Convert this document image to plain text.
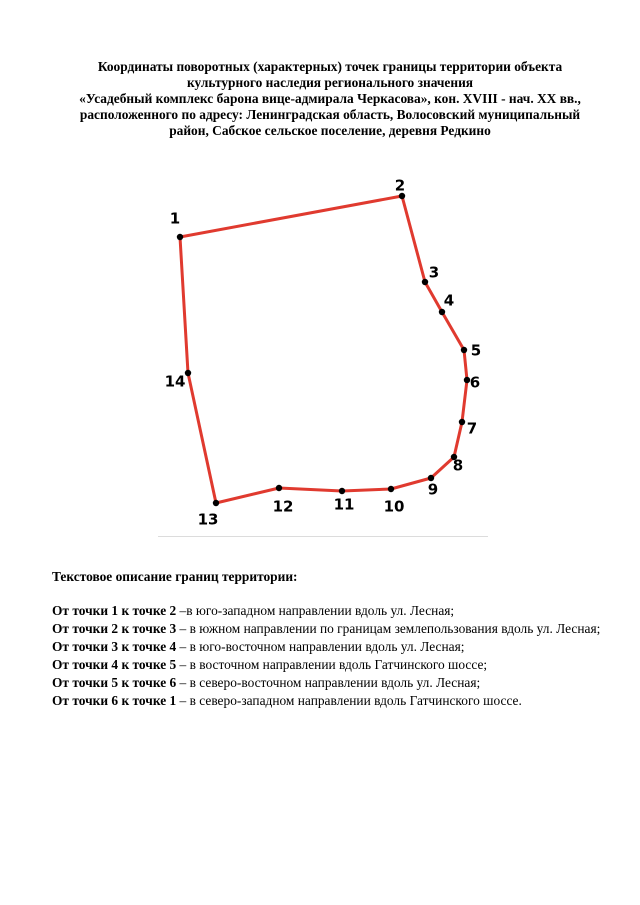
Координаты поворотных (характерных) точек границы территории объекта
культурного наследия регионального значения
«Усадебный комплекс барона вице-адмирала Черкасова», кон. XVIII - нач. XX вв.,
расположенного по адресу: Ленинградская область, Волосовский муниципальный
район, Сабское сельское поселение, деревня Редкино
1
2
3
4
5
6
7
8
9
10
11
12
13
14
Текстовое описание границ территории:

От точки 1 к точке 2 –в юго-западном направлении вдоль ул. Лесная;

От точки 2 к точке 3 – в южном направлении по границам землепользования вдоль ул. Лесная;

От точки 3 к точке 4 – в юго-восточном направлении вдоль ул. Лесная;

От точки 4 к точке 5 – в восточном направлении вдоль Гатчинского шоссе;

От точки 5 к точке 6 – в северо-восточном направлении вдоль ул. Лесная;

От точки 6 к точке 1 – в северо-западном направлении вдоль Гатчинского шоссе.
